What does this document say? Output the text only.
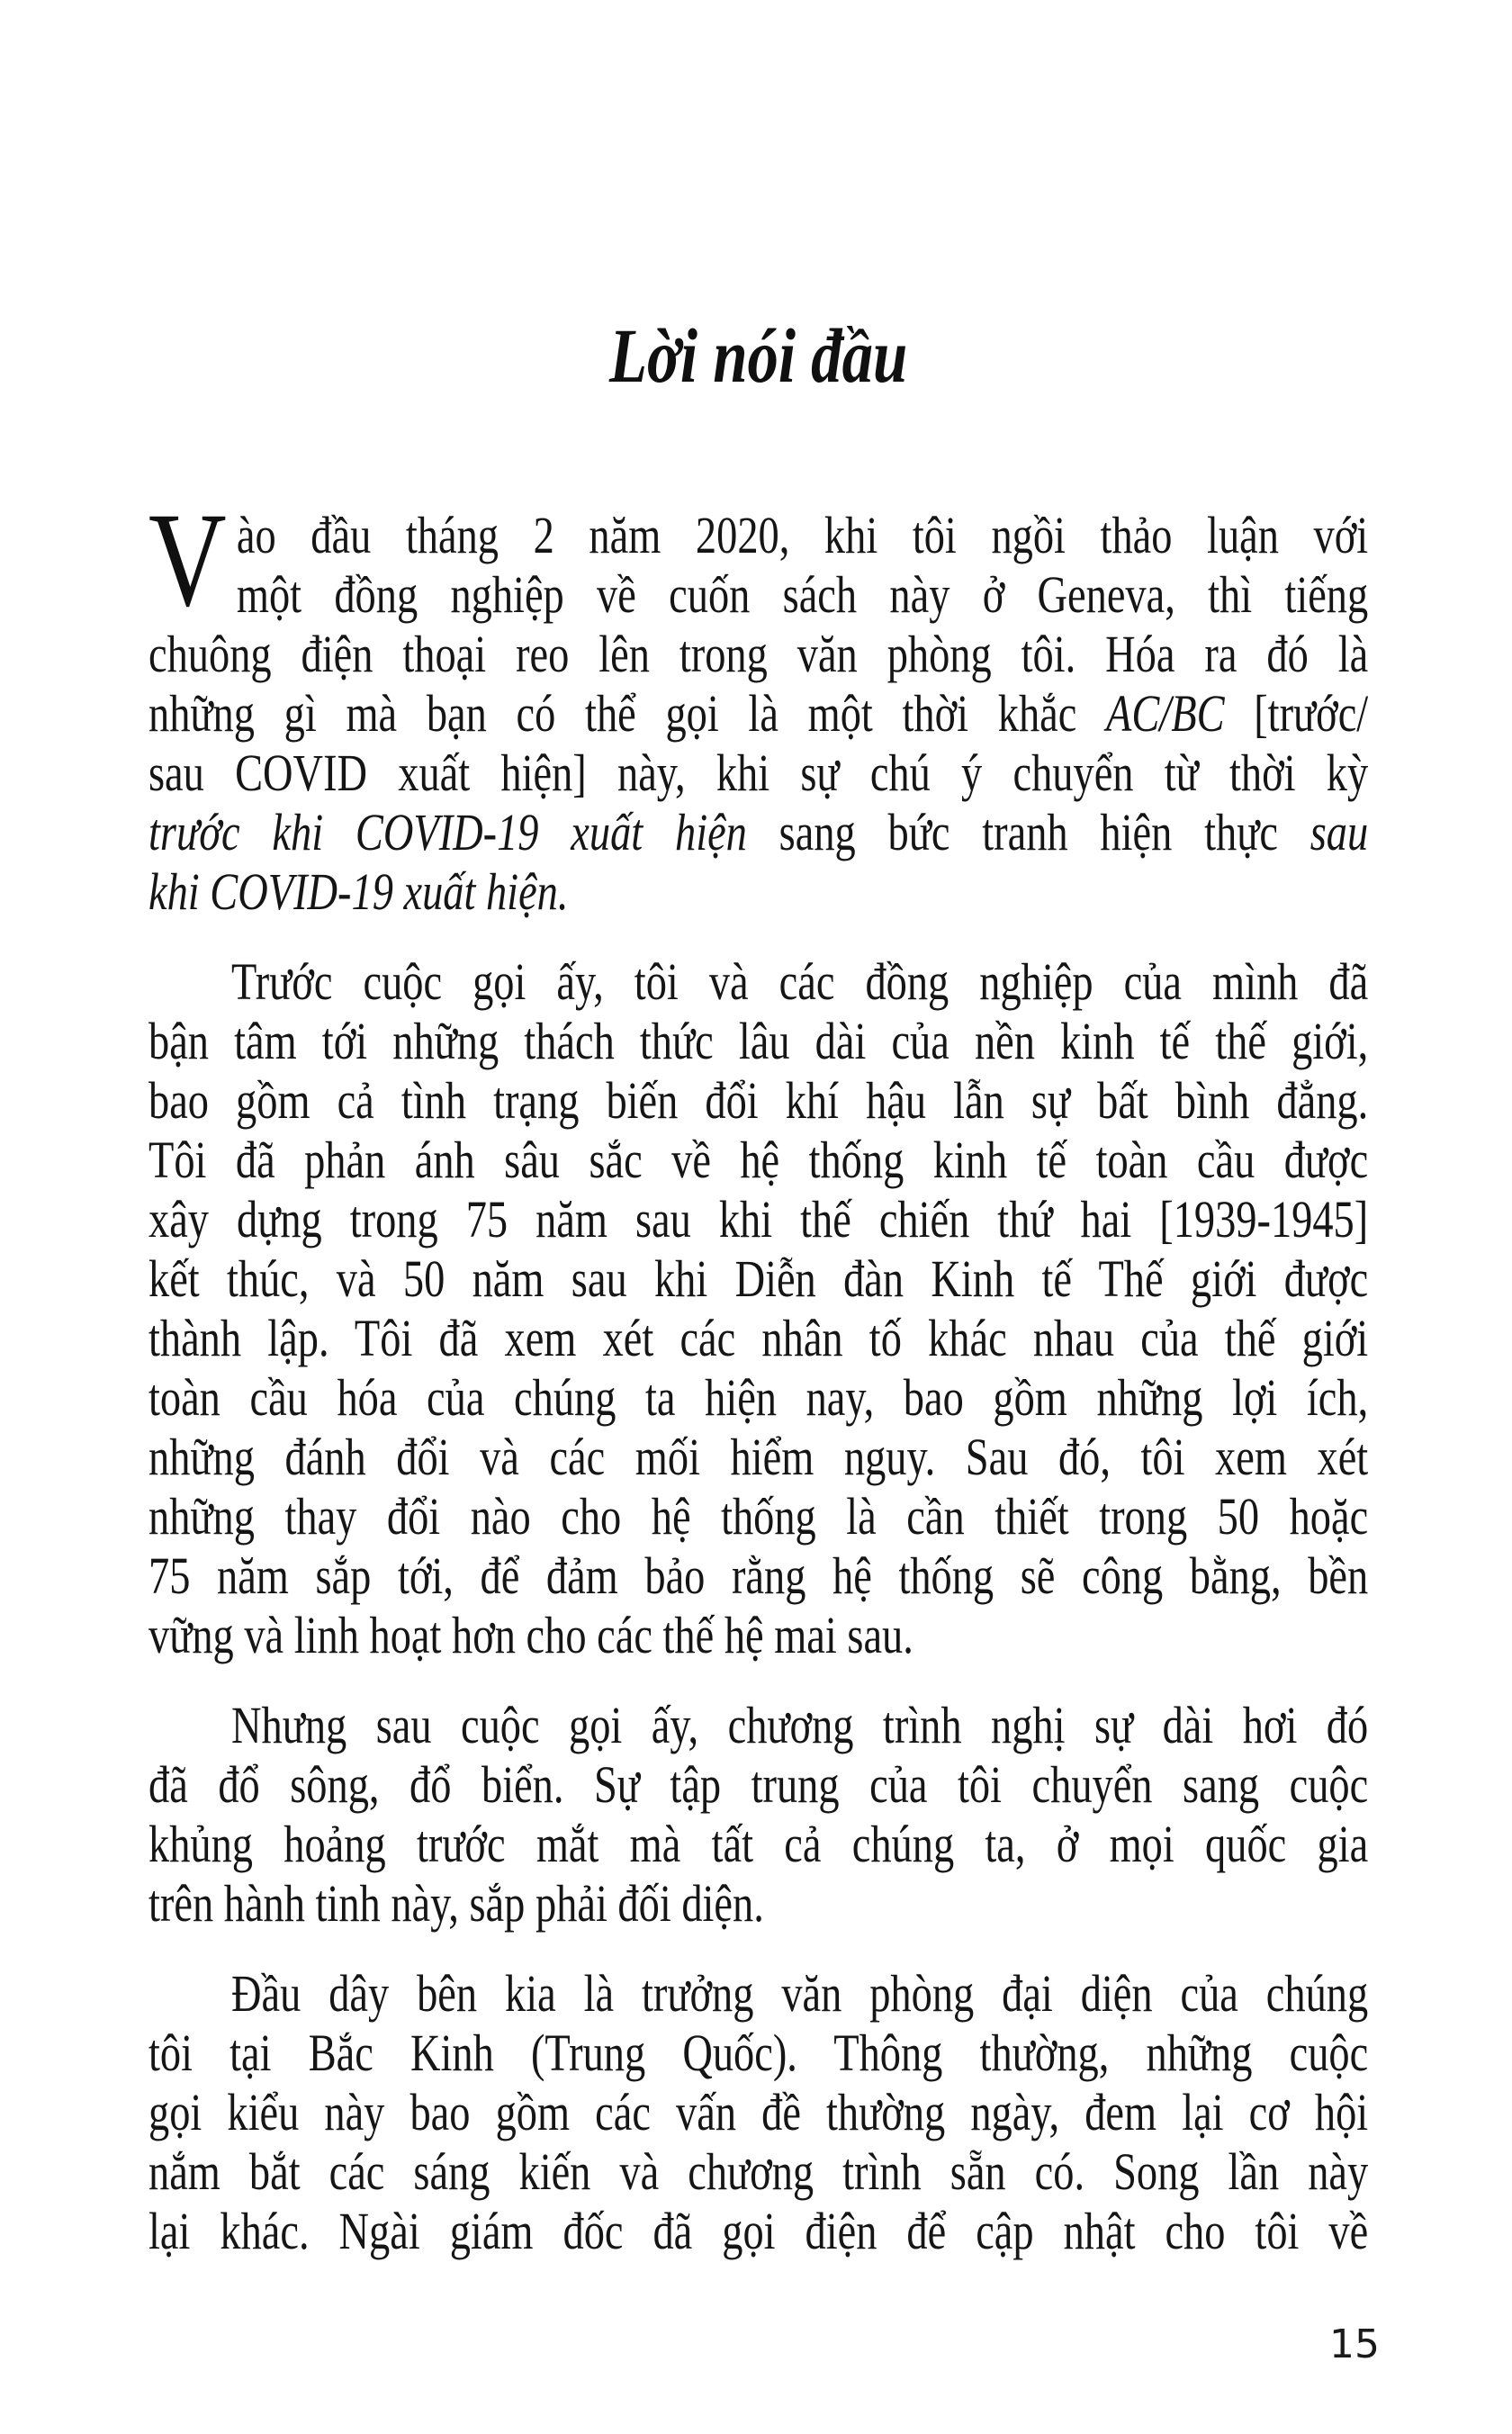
Lời nói đầu
Vào đầu tháng 2 năm 2020, khi tôi ngồi thảo luận với
một đồng nghiệp về cuốn sách này ở Geneva, thì tiếng
chuông điện thoại reo lên trong văn phòng tôi. Hóa ra đó là
những gì mà bạn có thể gọi là một thời khắc AC/BC [trước/
sau COVID xuất hiện] này, khi sự chú ý chuyển từ thời kỳ
trước khi COVID-19 xuất hiện sang bức tranh hiện thực sau
khi COVID-19 xuất hiện.
Trước cuộc gọi ấy, tôi và các đồng nghiệp của mình đã
bận tâm tới những thách thức lâu dài của nền kinh tế thế giới,
bao gồm cả tình trạng biến đổi khí hậu lẫn sự bất bình đẳng.
Tôi đã phản ánh sâu sắc về hệ thống kinh tế toàn cầu được
xây dựng trong 75 năm sau khi thế chiến thứ hai [1939-1945]
kết thúc, và 50 năm sau khi Diễn đàn Kinh tế Thế giới được
thành lập. Tôi đã xem xét các nhân tố khác nhau của thế giới
toàn cầu hóa của chúng ta hiện nay, bao gồm những lợi ích,
những đánh đổi và các mối hiểm nguy. Sau đó, tôi xem xét
những thay đổi nào cho hệ thống là cần thiết trong 50 hoặc
75 năm sắp tới, để đảm bảo rằng hệ thống sẽ công bằng, bền
vững và linh hoạt hơn cho các thế hệ mai sau.
Nhưng sau cuộc gọi ấy, chương trình nghị sự dài hơi đó
đã đổ sông, đổ biển. Sự tập trung của tôi chuyển sang cuộc
khủng hoảng trước mắt mà tất cả chúng ta, ở mọi quốc gia
trên hành tinh này, sắp phải đối diện.
Đầu dây bên kia là trưởng văn phòng đại diện của chúng
tôi tại Bắc Kinh (Trung Quốc). Thông thường, những cuộc
gọi kiểu này bao gồm các vấn đề thường ngày, đem lại cơ hội
nắm bắt các sáng kiến và chương trình sẵn có. Song lần này
lại khác. Ngài giám đốc đã gọi điện để cập nhật cho tôi về
15
